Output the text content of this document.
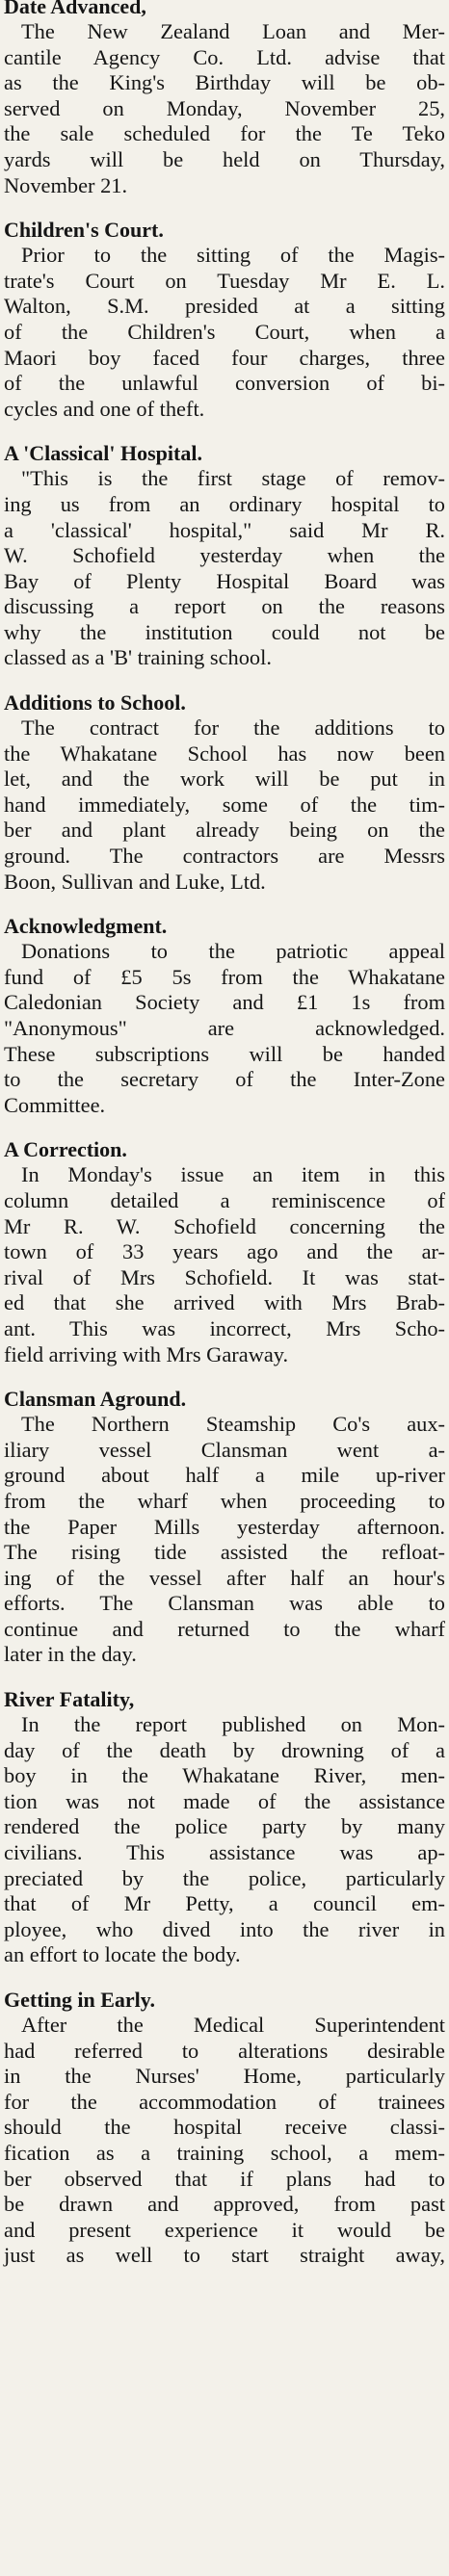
Date Advanced,
The New Zealand Loan and Mer-
cantile Agency Co. Ltd. advise that
as the King's Birthday will be ob-
served on Monday, November 25,
the sale scheduled for the Te Teko
yards will be held on Thursday,
November 21.
Children's Court.
Prior to the sitting of the Magis-
trate's Court on Tuesday Mr E. L.
Walton, S.M. presided at a sitting
of the Children's Court, when a
Maori boy faced four charges, three
of the unlawful conversion of bi-
cycles and one of theft.
A 'Classical' Hospital.
"This is the first stage of remov-
ing us from an ordinary hospital to
a 'classical' hospital," said Mr R.
W. Schofield yesterday when the
Bay of Plenty Hospital Board was
discussing a report on the reasons
why the institution could not be
classed as a 'B' training school.
Additions to School.
The contract for the additions to
the Whakatane School has now been
let, and the work will be put in
hand immediately, some of the tim-
ber and plant already being on the
ground. The contractors are Messrs
Boon, Sullivan and Luke, Ltd.
Acknowledgment.
Donations to the patriotic appeal
fund of £5 5s from the Whakatane
Caledonian Society and £1 1s from
"Anonymous" are acknowledged.
These subscriptions will be handed
to the secretary of the Inter-Zone
Committee.
A Correction.
In Monday's issue an item in this
column detailed a reminiscence of
Mr R. W. Schofield concerning the
town of 33 years ago and the ar-
rival of Mrs Schofield. It was stat-
ed that she arrived with Mrs Brab-
ant. This was incorrect, Mrs Scho-
field arriving with Mrs Garaway.
Clansman Aground.
The Northern Steamship Co's aux-
iliary vessel Clansman went a-
ground about half a mile up-river
from the wharf when proceeding to
the Paper Mills yesterday afternoon.
The rising tide assisted the refloat-
ing of the vessel after half an hour's
efforts. The Clansman was able to
continue and returned to the wharf
later in the day.
River Fatality,
In the report published on Mon-
day of the death by drowning of a
boy in the Whakatane River, men-
tion was not made of the assistance
rendered the police party by many
civilians. This assistance was ap-
preciated by the police, particularly
that of Mr Petty, a council em-
ployee, who dived into the river in
an effort to locate the body.
Getting in Early.
After the Medical Superintendent
had referred to alterations desirable
in the Nurses' Home, particularly
for the accommodation of trainees
should the hospital receive classi-
fication as a training school, a mem-
ber observed that if plans had to
be drawn and approved, from past
and present experience it would be
just as well to start straight away,
